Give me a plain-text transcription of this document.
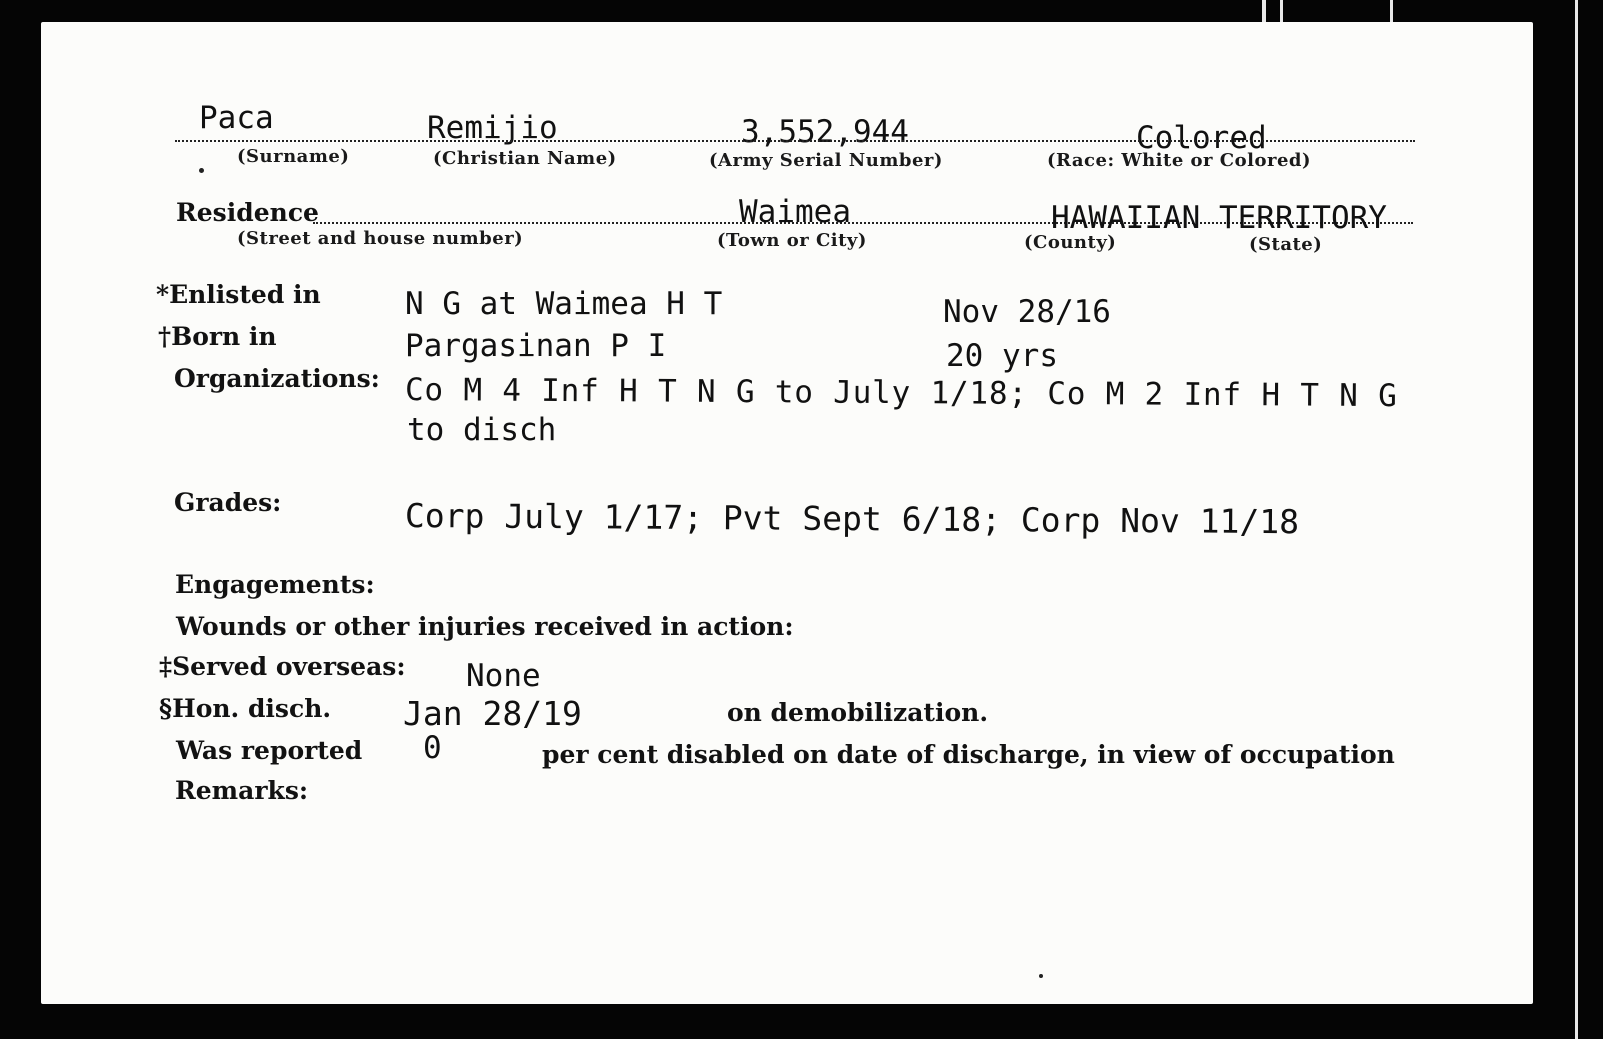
Paca	Remijio	3,552,944	Colored
(Surname)	(Christian Name)	(Army Serial Number)	(Race: White or Colored)
Residence	Waimea	HAWAIIAN TERRITORY
(Street and house number)	(Town or City)	(County)	(State)
*Enlisted in	N G at Waimea H T	Nov 28/16
†Born in	Pargasinan P I	20 yrs
Organizations: Co M 4 Inf H T N G to July 1/18; Co M 2 Inf H T N G
to disch
Grades:	Corp July 1/17; Pvt Sept 6/18; Corp Nov 11/18
Engagements:
Wounds or other injuries received in action:
‡Served overseas: None
§Hon. disch. Jan 28/19	on demobilization.
Was reported 0	per cent disabled on date of discharge, in view of occupation
Remarks:
